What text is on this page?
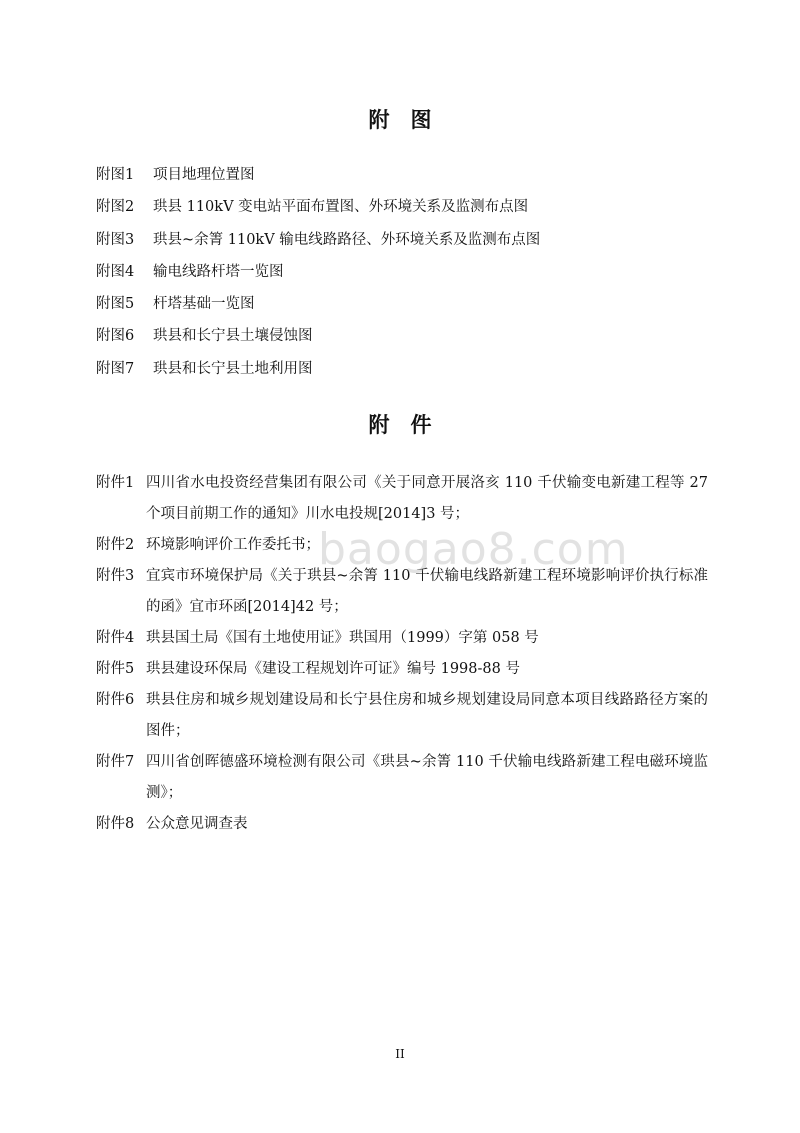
附　图
附图1 项目地理位置图
附图2 珙县 110kV 变电站平面布置图、外环境关系及监测布点图
附图3 珙县~余箐 110kV 输电线路路径、外环境关系及监测布点图
附图4 输电线路杆塔一览图
附图5 杆塔基础一览图
附图6 珙县和长宁县土壤侵蚀图
附图7 珙县和长宁县土地利用图
附　件
附件1 四川省水电投资经营集团有限公司《关于同意开展洛亥 110 千伏输变电新建工程等 27 个项目前期工作的通知》川水电投规[2014]3 号；
附件2 环境影响评价工作委托书；
附件3 宜宾市环境保护局《关于珙县~余箐 110 千伏输电线路新建工程环境影响评价执行标准的函》宜市环函[2014]42 号；
附件4 珙县国土局《国有土地使用证》珙国用（1999）字第 058 号
附件5 珙县建设环保局《建设工程规划许可证》编号 1998-88 号
附件6 珙县住房和城乡规划建设局和长宁县住房和城乡规划建设局同意本项目线路路径方案的图件；
附件7 四川省创晖德盛环境检测有限公司《珙县~余箐 110 千伏输电线路新建工程电磁环境监测》；
附件8 公众意见调查表
baogao8.com
II
